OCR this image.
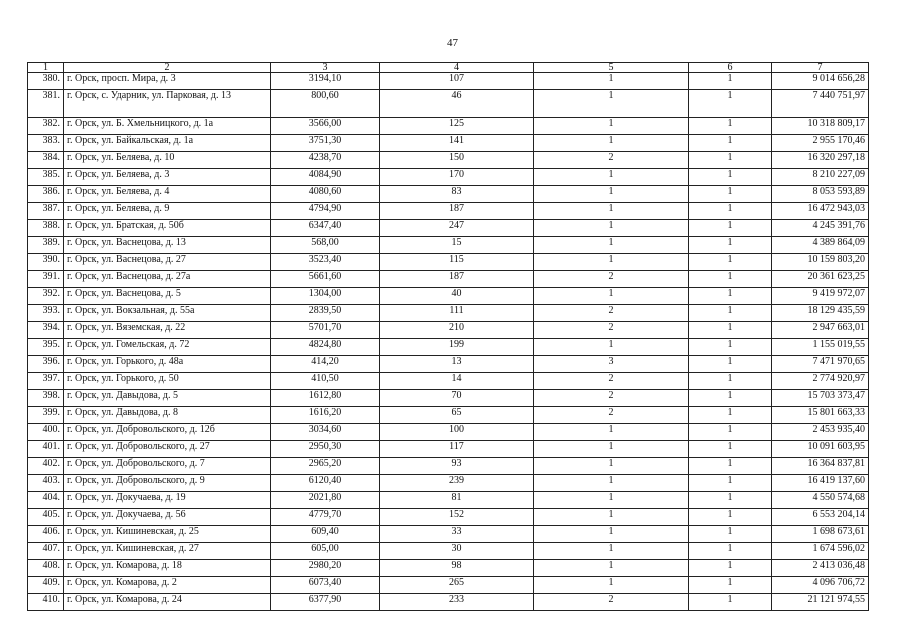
47
1	2	3	4	5	6	7
380.	г. Орск, просп. Мира, д. 3	3194,10	107	1	1	9 014 656,28
381.	г. Орск, с. Ударник, ул. Парковая, д. 13	800,60	46	1	1	7 440 751,97
382.	г. Орск, ул. Б. Хмельницкого, д. 1а	3566,00	125	1	1	10 318 809,17
383.	г. Орск, ул. Байкальская, д. 1а	3751,30	141	1	1	2 955 170,46
384.	г. Орск, ул. Беляева, д. 10	4238,70	150	2	1	16 320 297,18
385.	г. Орск, ул. Беляева, д. 3	4084,90	170	1	1	8 210 227,09
386.	г. Орск, ул. Беляева, д. 4	4080,60	83	1	1	8 053 593,89
387.	г. Орск, ул. Беляева, д. 9	4794,90	187	1	1	16 472 943,03
388.	г. Орск, ул. Братская, д. 50б	6347,40	247	1	1	4 245 391,76
389.	г. Орск, ул. Васнецова, д. 13	568,00	15	1	1	4 389 864,09
390.	г. Орск, ул. Васнецова, д. 27	3523,40	115	1	1	10 159 803,20
391.	г. Орск, ул. Васнецова, д. 27а	5661,60	187	2	1	20 361 623,25
392.	г. Орск, ул. Васнецова, д. 5	1304,00	40	1	1	9 419 972,07
393.	г. Орск, ул. Вокзальная, д. 55а	2839,50	111	2	1	18 129 435,59
394.	г. Орск, ул. Вяземская, д. 22	5701,70	210	2	1	2 947 663,01
395.	г. Орск, ул. Гомельская, д. 72	4824,80	199	1	1	1 155 019,55
396.	г. Орск, ул. Горького, д. 48а	414,20	13	3	1	7 471 970,65
397.	г. Орск, ул. Горького, д. 50	410,50	14	2	1	2 774 920,97
398.	г. Орск, ул. Давыдова, д. 5	1612,80	70	2	1	15 703 373,47
399.	г. Орск, ул. Давыдова, д. 8	1616,20	65	2	1	15 801 663,33
400.	г. Орск, ул. Добровольского, д. 12б	3034,60	100	1	1	2 453 935,40
401.	г. Орск, ул. Добровольского, д. 27	2950,30	117	1	1	10 091 603,95
402.	г. Орск, ул. Добровольского, д. 7	2965,20	93	1	1	16 364 837,81
403.	г. Орск, ул. Добровольского, д. 9	6120,40	239	1	1	16 419 137,60
404.	г. Орск, ул. Докучаева, д. 19	2021,80	81	1	1	4 550 574,68
405.	г. Орск, ул. Докучаева, д. 56	4779,70	152	1	1	6 553 204,14
406.	г. Орск, ул. Кишиневская, д. 25	609,40	33	1	1	1 698 673,61
407.	г. Орск, ул. Кишиневская, д. 27	605,00	30	1	1	1 674 596,02
408.	г. Орск, ул. Комарова, д. 18	2980,20	98	1	1	2 413 036,48
409.	г. Орск, ул. Комарова, д. 2	6073,40	265	1	1	4 096 706,72
410.	г. Орск, ул. Комарова, д. 24	6377,90	233	2	1	21 121 974,55
